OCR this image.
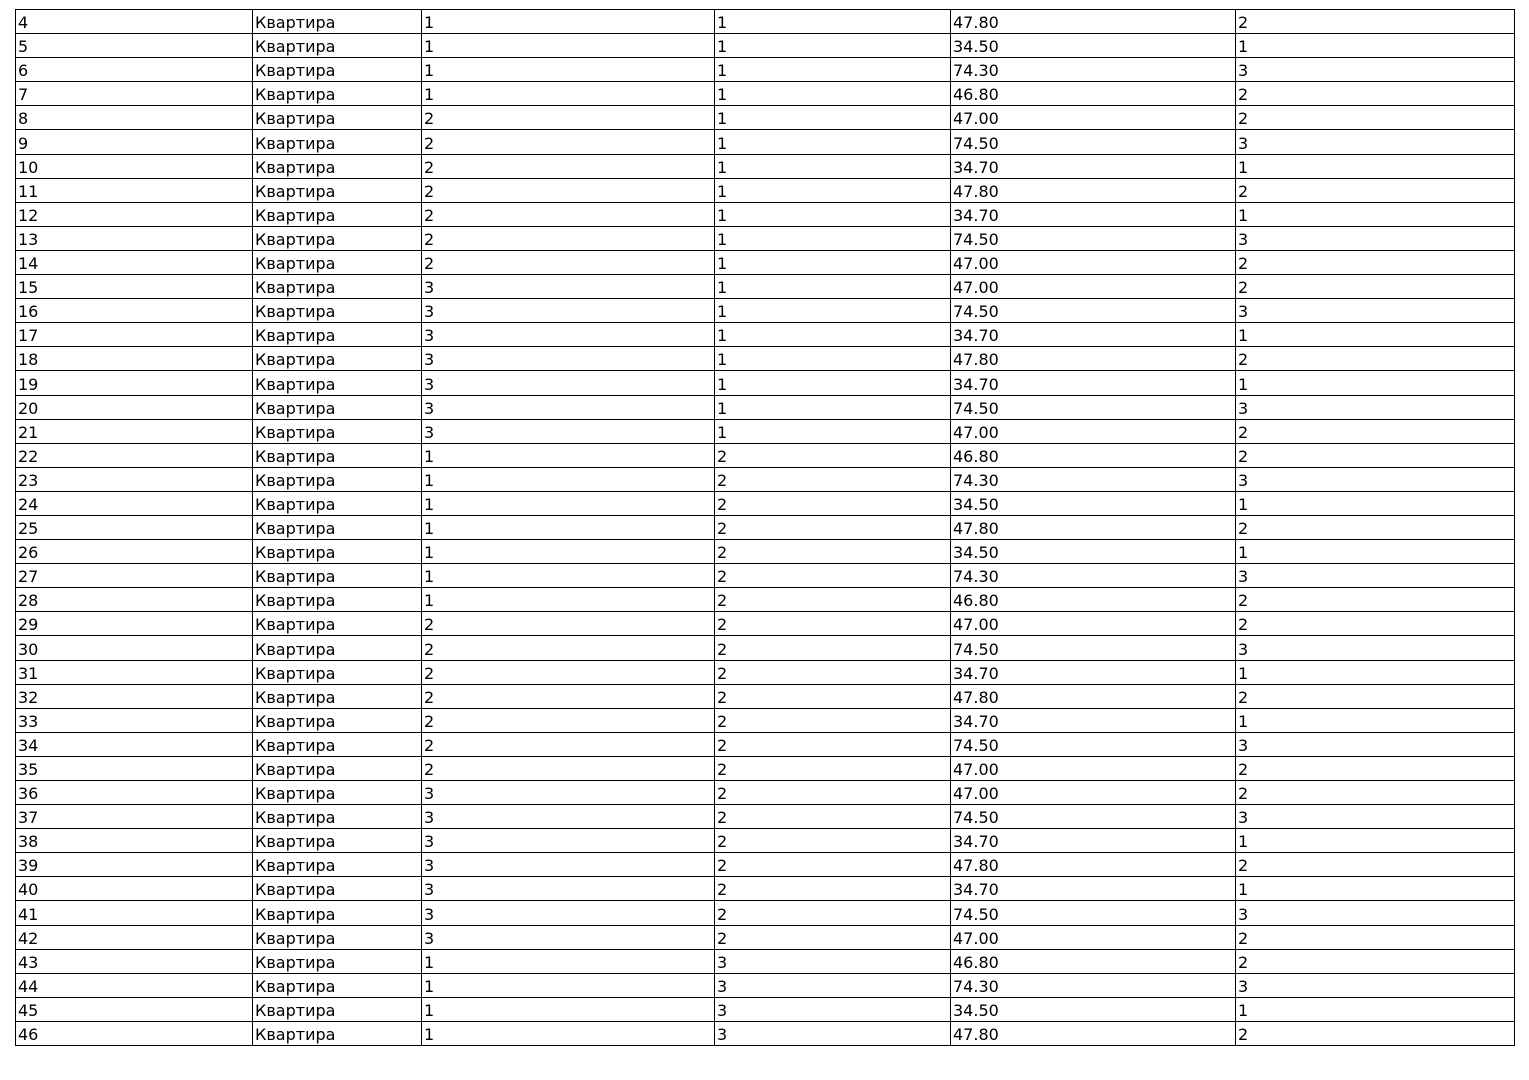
4	Квартира	1	1	47.80	2
5	Квартира	1	1	34.50	1
6	Квартира	1	1	74.30	3
7	Квартира	1	1	46.80	2
8	Квартира	2	1	47.00	2
9	Квартира	2	1	74.50	3
10	Квартира	2	1	34.70	1
11	Квартира	2	1	47.80	2
12	Квартира	2	1	34.70	1
13	Квартира	2	1	74.50	3
14	Квартира	2	1	47.00	2
15	Квартира	3	1	47.00	2
16	Квартира	3	1	74.50	3
17	Квартира	3	1	34.70	1
18	Квартира	3	1	47.80	2
19	Квартира	3	1	34.70	1
20	Квартира	3	1	74.50	3
21	Квартира	3	1	47.00	2
22	Квартира	1	2	46.80	2
23	Квартира	1	2	74.30	3
24	Квартира	1	2	34.50	1
25	Квартира	1	2	47.80	2
26	Квартира	1	2	34.50	1
27	Квартира	1	2	74.30	3
28	Квартира	1	2	46.80	2
29	Квартира	2	2	47.00	2
30	Квартира	2	2	74.50	3
31	Квартира	2	2	34.70	1
32	Квартира	2	2	47.80	2
33	Квартира	2	2	34.70	1
34	Квартира	2	2	74.50	3
35	Квартира	2	2	47.00	2
36	Квартира	3	2	47.00	2
37	Квартира	3	2	74.50	3
38	Квартира	3	2	34.70	1
39	Квартира	3	2	47.80	2
40	Квартира	3	2	34.70	1
41	Квартира	3	2	74.50	3
42	Квартира	3	2	47.00	2
43	Квартира	1	3	46.80	2
44	Квартира	1	3	74.30	3
45	Квартира	1	3	34.50	1
46	Квартира	1	3	47.80	2
